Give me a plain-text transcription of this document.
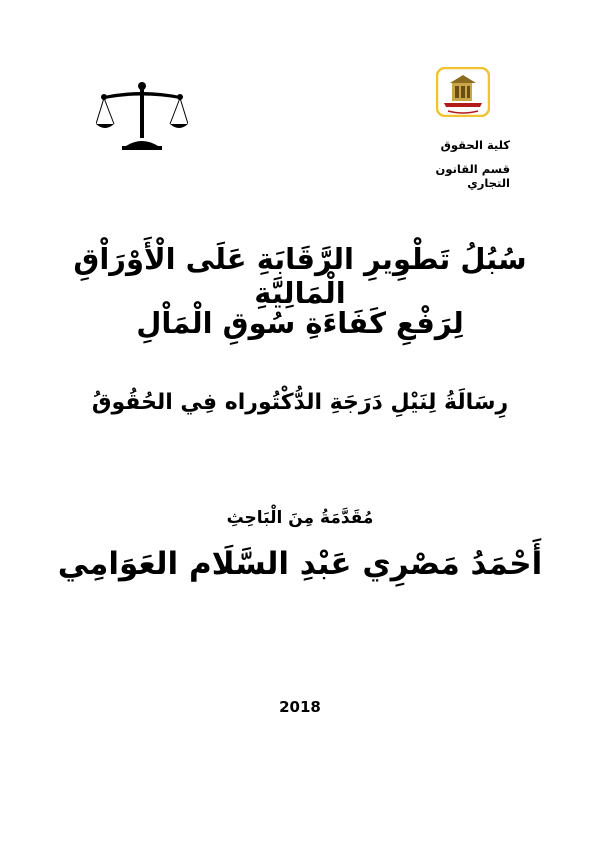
كلية الحقوق
قسم القانون التجاري
سُبُلُ تَطْوِيرِ الرَّقَابَةِ عَلَى الْأَوْرَاْقِ الْمَالِيَّةِ
لِرَفْعِ كَفَاءَةِ سُوقِ الْمَاْلِ
رِسَالَةُ لِنَيْلِ دَرَجَةِ الدُّكْتُوراه فِي الحُقُوقُ
مُقَدَّمَةُ مِنَ الْبَاحِثِ
أَحْمَدُ مَصْرِي عَبْدِ السَّلَام العَوَامِي
2018
